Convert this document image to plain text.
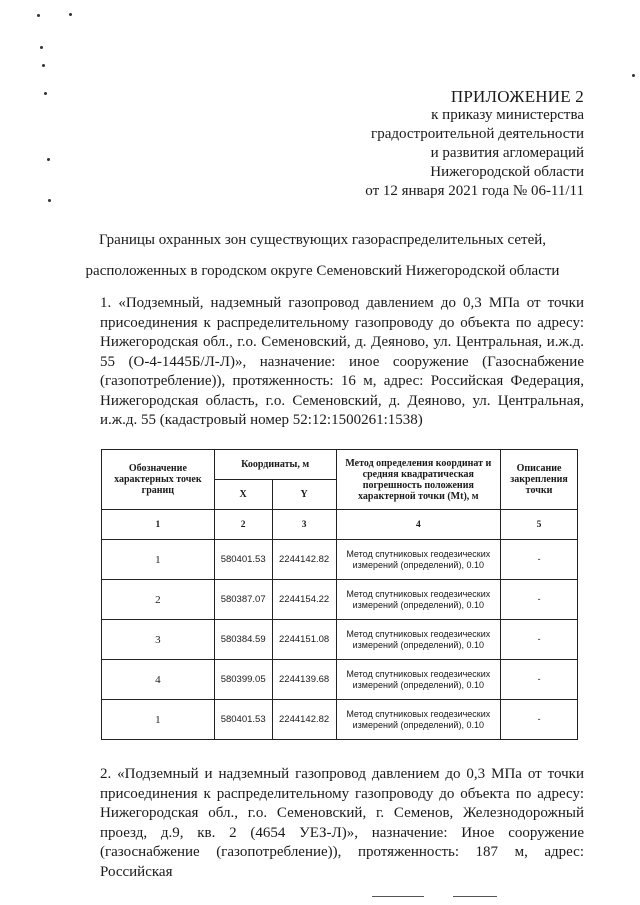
ПРИЛОЖЕНИЕ 2
к приказу министерства
градостроительной деятельности
и развития агломераций
Нижегородской области
от 12 января 2021 года № 06-11/11
Границы охранных зон существующих газораспределительных сетей,
расположенных в городском округе Семеновский Нижегородской области
1. «Подземный, надземный газопровод давлением до 0,3 МПа от точки присоединения к распределительному газопроводу до объекта по адресу: Нижегородская обл., г.о. Семеновский, д. Деяново, ул. Центральная, и.ж.д. 55 (О-4-1445Б/Л-Л)», назначение: иное сооружение (Газоснабжение (газопотребление)), протяженность: 16 м, адрес: Российская Федерация, Нижегородская область, г.о. Семеновский, д. Деяново, ул. Центральная, и.ж.д. 55 (кадастровый номер 52:12:1500261:1538)
Обозначение характерных точек границ	Координаты, м		Метод определения координат и средняя квадратическая погрешность положения характерной точки (Mt), м	Описание закрепления точки
	X	Y		
1	2	3	4	5
1	580401.53	2244142.82	Метод спутниковых геодезических измерений (определений), 0.10	-
2	580387.07	2244154.22	Метод спутниковых геодезических измерений (определений), 0.10	-
3	580384.59	2244151.08	Метод спутниковых геодезических измерений (определений), 0.10	-
4	580399.05	2244139.68	Метод спутниковых геодезических измерений (определений), 0.10	-
1	580401.53	2244142.82	Метод спутниковых геодезических измерений (определений), 0.10	-
2. «Подземный и надземный газопровод давлением до 0,3 МПа от точки присоединения к распределительному газопроводу до объекта по адресу: Нижегородская обл., г.о. Семеновский, г. Семенов, Железнодорожный проезд, д.9, кв. 2 (4654 УЕЗ-Л)», назначение: Иное сооружение (газоснабжение (газопотребление)), протяженность: 187 м, адрес: Российская
